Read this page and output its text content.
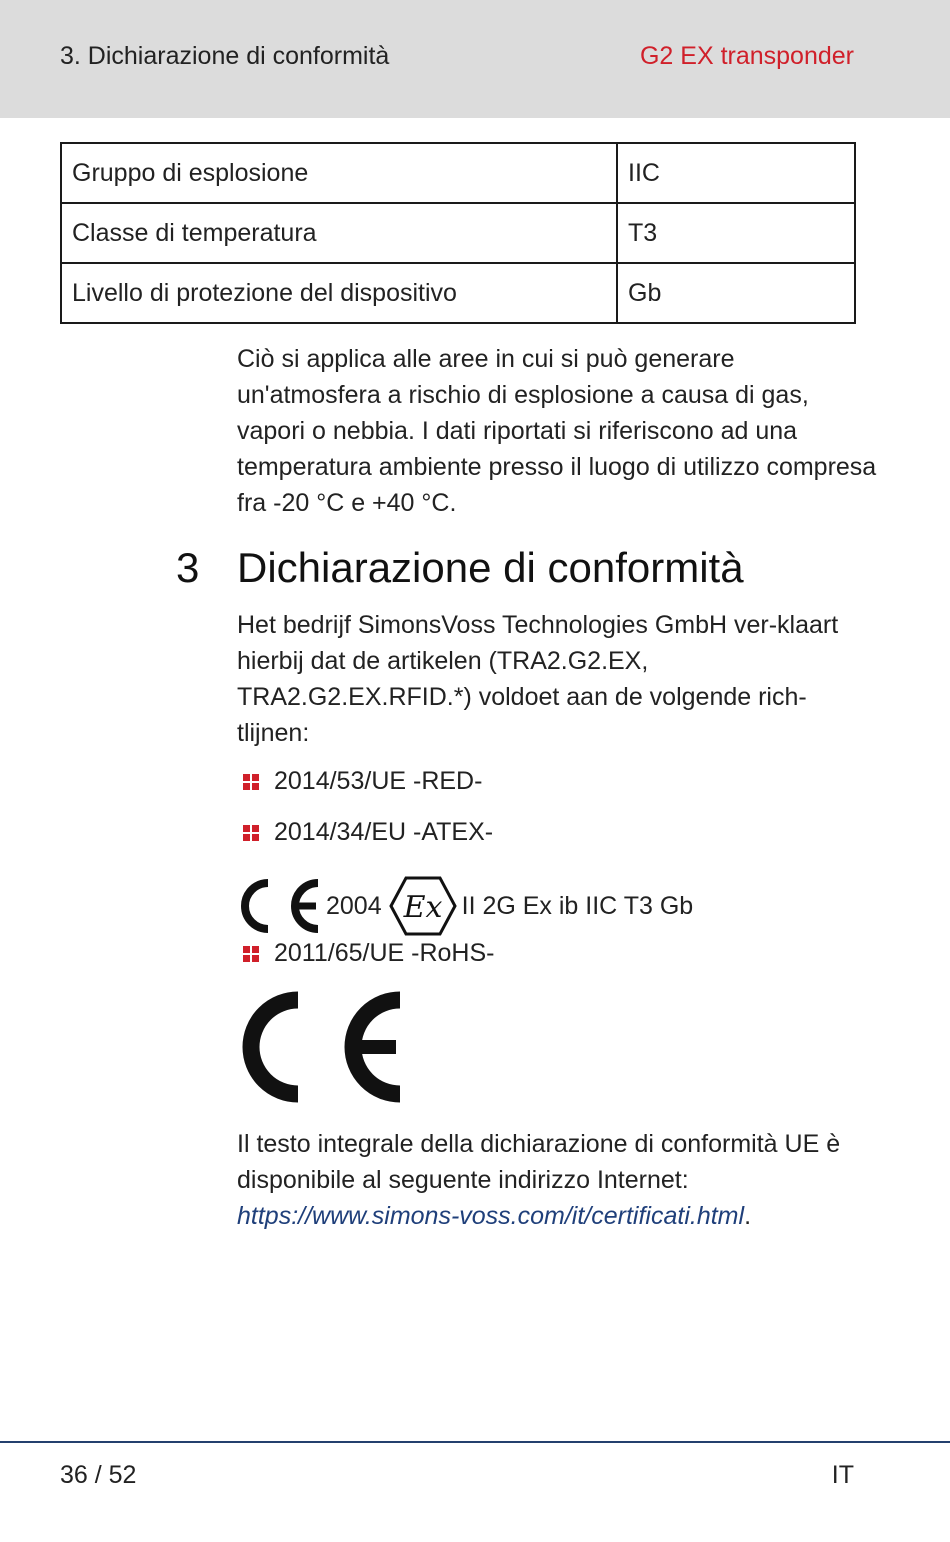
3. Dichiarazione di conformità	G2 EX transponder
Gruppo di esplosione	IIC
Classe di temperatura	T3
Livello di protezione del dispositivo	Gb
Ciò si applica alle aree in cui si può generare un'atmosfera a rischio di esplosione a causa di gas, vapori o nebbia. I dati riportati si riferiscono ad una temperatura ambiente presso il luogo di utilizzo compresa fra -20 °C e +40 °C.
3 Dichiarazione di conformità
Het bedrijf SimonsVoss Technologies GmbH ver-klaart hierbij dat de artikelen (TRA2.G2.EX, TRA2.G2.EX.RFID.*) voldoet aan de volgende rich-tlijnen:
2014/53/UE -RED-
2014/34/EU -ATEX-
2004 Ex II 2G Ex ib IIC T3 Gb
2011/65/UE -RoHS-
Il testo integrale della dichiarazione di conformità UE è disponibile al seguente indirizzo Internet: https://www.simons-voss.com/it/certificati.html.
36 / 52	IT
